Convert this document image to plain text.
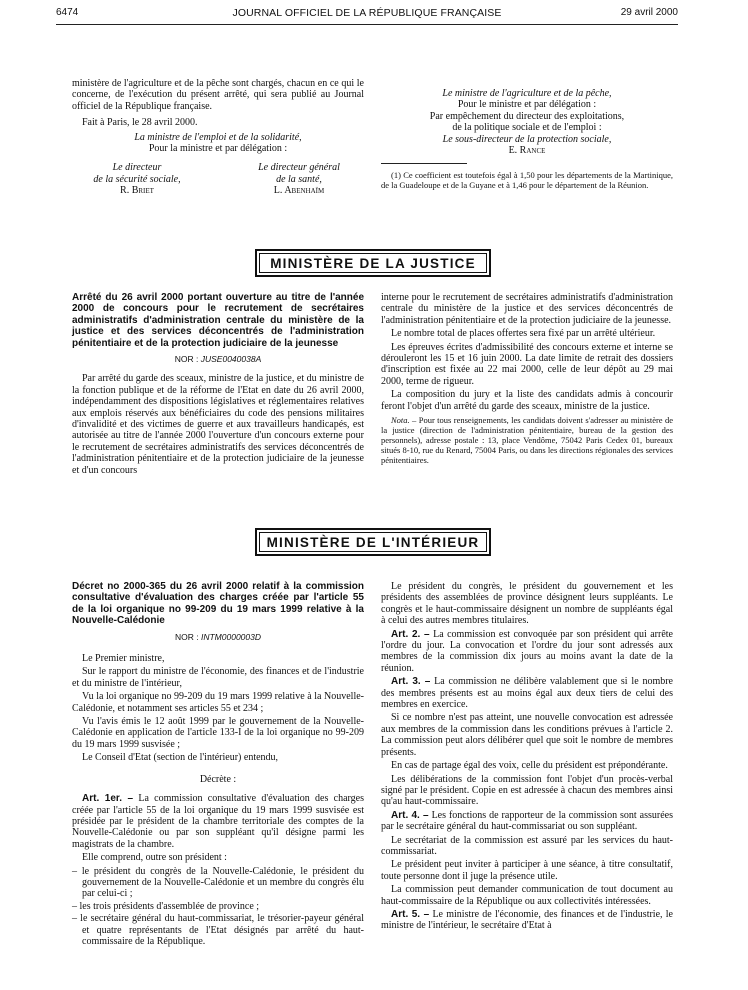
6474	JOURNAL OFFICIEL DE LA RÉPUBLIQUE FRANÇAISE	29 avril 2000

ministère de l'agriculture et de la pêche sont chargés, chacun en ce qui le concerne, de l'exécution du présent arrêté, qui sera publié au Journal officiel de la République française.

Fait à Paris, le 28 avril 2000.

La ministre de l'emploi et de la solidarité,
Pour la ministre et par délégation :
Le directeur
de la sécurité sociale,
R. Briet
Le directeur général
de la santé,
L. Abenhaïm
Le ministre de l'agriculture et de la pêche,
Pour le ministre et par délégation :
Par empêchement du directeur des exploitations,
de la politique sociale et de l'emploi :
Le sous-directeur de la protection sociale,
E. Rance
(1) Ce coefficient est toutefois égal à 1,50 pour les départements de la Martinique, de la Guadeloupe et de la Guyane et à 1,46 pour le département de la Réunion.
MINISTÈRE DE LA JUSTICE
Arrêté du 26 avril 2000 portant ouverture au titre de l'année 2000 de concours pour le recrutement de secrétaires administratifs d'administration centrale du ministère de la justice et des services déconcentrés de l'administration pénitentiaire et de la protection judiciaire de la jeunesse
NOR : JUSE0040038A

Par arrêté du garde des sceaux, ministre de la justice, et du ministre de la fonction publique et de la réforme de l'Etat en date du 26 avril 2000, indépendamment des dispositions législatives et réglementaires relatives aux emplois réservés aux bénéficiaires du code des pensions militaires d'invalidité et des victimes de guerre et aux travailleurs handicapés, est autorisée au titre de l'année 2000 l'ouverture d'un concours externe pour le recrutement de secrétaires administratifs des services déconcentrés de l'administration pénitentiaire et de la protection judiciaire de la jeunesse et d'un concours

interne pour le recrutement de secrétaires administratifs d'administration centrale du ministère de la justice et des services déconcentrés de l'administration pénitentiaire et de la protection judiciaire de la jeunesse.

Le nombre total de places offertes sera fixé par un arrêté ultérieur.

Les épreuves écrites d'admissibilité des concours externe et interne se dérouleront les 15 et 16 juin 2000. La date limite de retrait des dossiers d'inscription est fixée au 22 mai 2000, celle de leur dépôt au 29 mai 2000, terme de rigueur.

La composition du jury et la liste des candidats admis à concourir feront l'objet d'un arrêté du garde des sceaux, ministre de la justice.

Nota. – Pour tous renseignements, les candidats doivent s'adresser au ministère de la justice (direction de l'administration pénitentiaire, bureau de la gestion des personnels), adresse postale : 13, place Vendôme, 75042 Paris Cedex 01, bureaux situés 8-10, rue du Renard, 75004 Paris, ou dans les directions régionales des services pénitentiaires.
MINISTÈRE DE L'INTÉRIEUR
Décret no 2000-365 du 26 avril 2000 relatif à la commission consultative d'évaluation des charges créée par l'article 55 de la loi organique no 99-209 du 19 mars 1999 relative à la Nouvelle-Calédonie
NOR : INTM0000003D

Le Premier ministre,

Sur le rapport du ministre de l'économie, des finances et de l'industrie et du ministre de l'intérieur,

Vu la loi organique no 99-209 du 19 mars 1999 relative à la Nouvelle-Calédonie, et notamment ses articles 55 et 234 ;

Vu l'avis émis le 12 août 1999 par le gouvernement de la Nouvelle-Calédonie en application de l'article 133-I de la loi organique no 99-209 du 19 mars 1999 susvisée ;

Le Conseil d'Etat (section de l'intérieur) entendu,

Décrète :

Art. 1er. – La commission consultative d'évaluation des charges créée par l'article 55 de la loi organique du 19 mars 1999 susvisée est présidée par le président de la chambre territoriale des comptes de la Nouvelle-Calédonie ou par son suppléant qu'il désigne parmi les magistrats de la chambre.

Elle comprend, outre son président :

– le président du congrès de la Nouvelle-Calédonie, le président du gouvernement de la Nouvelle-Calédonie et un membre du congrès élu par celui-ci ;
– les trois présidents d'assemblée de province ;
– le secrétaire général du haut-commissariat, le trésorier-payeur général et quatre représentants de l'Etat désignés par arrêté du haut-commissaire de la République.

Le président du congrès, le président du gouvernement et les présidents des assemblées de province désignent leurs suppléants. Le congrès et le haut-commissaire désignent un nombre de suppléants égal à celui des autres membres titulaires.

Art. 2. – La commission est convoquée par son président qui arrête l'ordre du jour. La convocation et l'ordre du jour sont adressés aux membres de la commission dix jours au moins avant la date de la réunion.

Art. 3. – La commission ne délibère valablement que si le nombre des membres présents est au moins égal aux deux tiers de celui des membres en exercice.

Si ce nombre n'est pas atteint, une nouvelle convocation est adressée aux membres de la commission dans les conditions prévues à l'article 2. La commission peut alors délibérer quel que soit le nombre de membres présents.

En cas de partage égal des voix, celle du président est prépondérante.

Les délibérations de la commission font l'objet d'un procès-verbal signé par le président. Copie en est adressée à chacun des membres ainsi qu'au haut-commissaire.

Art. 4. – Les fonctions de rapporteur de la commission sont assurées par le secrétaire général du haut-commissariat ou son suppléant.

Le secrétariat de la commission est assuré par les services du haut-commissariat.

Le président peut inviter à participer à une séance, à titre consultatif, toute personne dont il juge la présence utile.

La commission peut demander communication de tout document au haut-commissaire de la République ou aux collectivités intéressées.

Art. 5. – Le ministre de l'économie, des finances et de l'industrie, le ministre de l'intérieur, le secrétaire d'Etat à
